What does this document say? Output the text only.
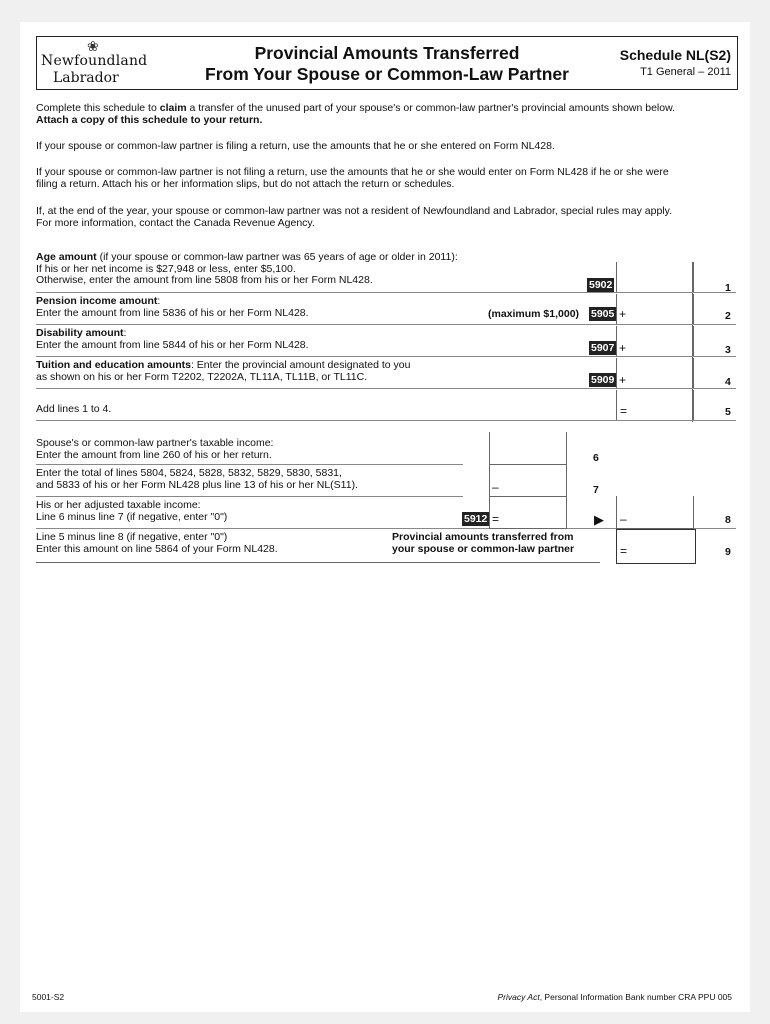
❀
Newfoundland
Labrador
Provincial Amounts Transferred
From Your Spouse or Common-Law Partner
Schedule NL(S2)
T1 General – 2011
Complete this schedule to claim a transfer of the unused part of your spouse's or common-law partner's provincial amounts shown below.
Attach a copy of this schedule to your return.
If your spouse or common-law partner is filing a return, use the amounts that he or she entered on Form NL428.
If your spouse or common-law partner is not filing a return, use the amounts that he or she would enter on Form NL428 if he or she were
filing a return. Attach his or her information slips, but do not attach the return or schedules.
If, at the end of the year, your spouse or common-law partner was not a resident of Newfoundland and Labrador, special rules may apply.
For more information, contact the Canada Revenue Agency.
Age amount (if your spouse or common-law partner was 65 years of age or older in 2011):
If his or her net income is $27,948 or less, enter $5,100.
Otherwise, enter the amount from line 5808 from his or her Form NL428.	5902	1
Pension income amount:
Enter the amount from line 5836 of his or her Form NL428.	(maximum $1,000) 5905 +	2
Disability amount:
Enter the amount from line 5844 of his or her Form NL428.	5907 +	3
Tuition and education amounts: Enter the provincial amount designated to you
as shown on his or her Form T2202, T2202A, TL11A, TL11B, or TL11C.	5909 +	4
Add lines 1 to 4.	=	5
Spouse's or common-law partner's taxable income:
Enter the amount from line 260 of his or her return.	6
Enter the total of lines 5804, 5824, 5828, 5832, 5829, 5830, 5831,
and 5833 of his or her Form NL428 plus line 13 of his or her NL(S11).	–	7
His or her adjusted taxable income:
Line 6 minus line 7 (if negative, enter "0")	5912 =	▶ –	8
Line 5 minus line 8 (if negative, enter "0")
Enter this amount on line 5864 of your Form NL428.
Provincial amounts transferred from
your spouse or common-law partner	=	9
5001-S2	Privacy Act, Personal Information Bank number CRA PPU 005
